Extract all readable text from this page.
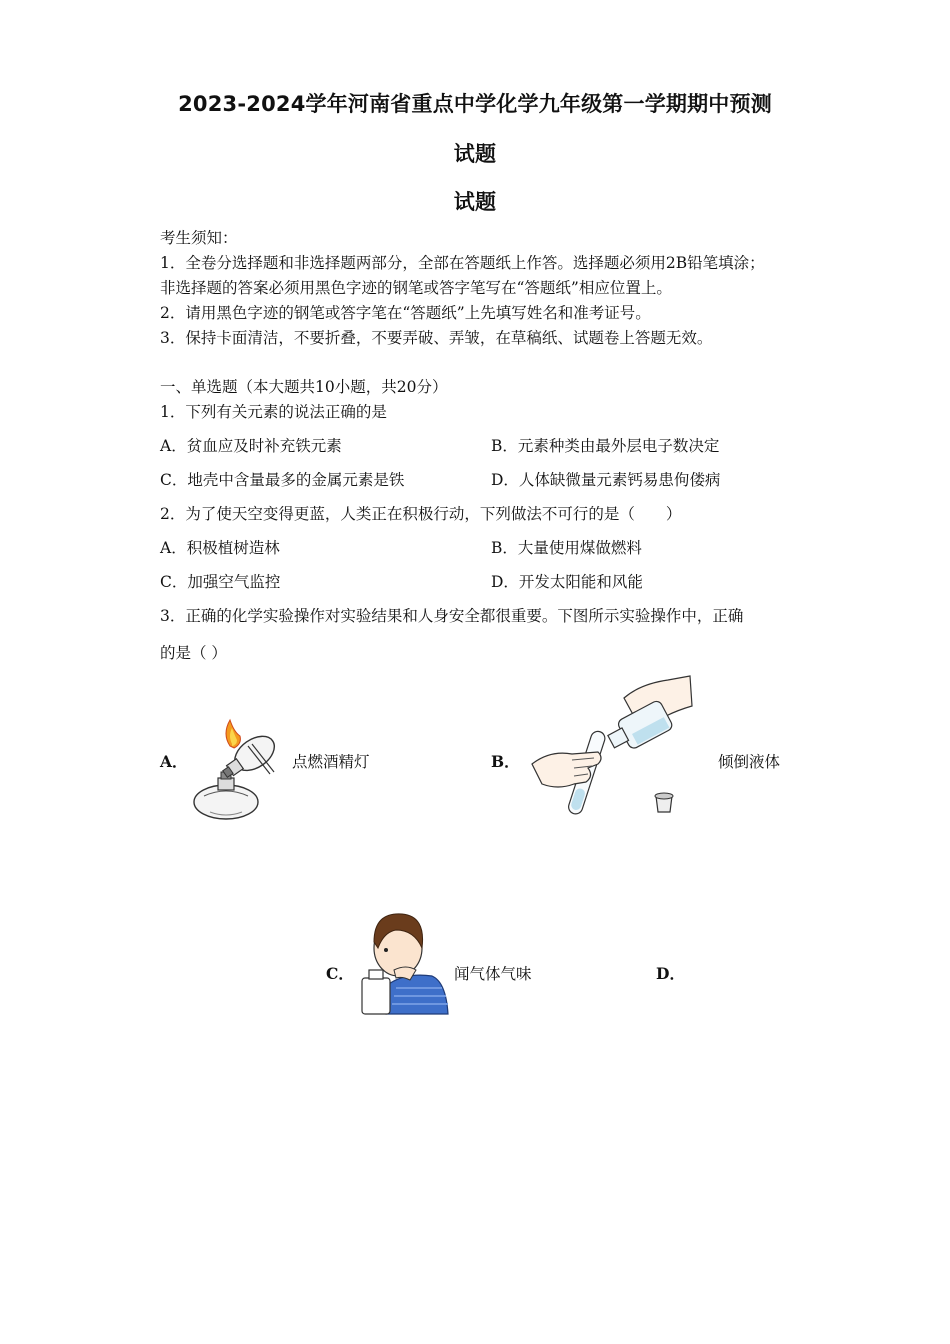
2023-2024学年河南省重点中学化学九年级第一学期期中预测
试题
试题
考生须知：
1．全卷分选择题和非选择题两部分，全部在答题纸上作答。选择题必须用2B铅笔填涂；
非选择题的答案必须用黑色字迹的钢笔或答字笔写在“答题纸”相应位置上。
2．请用黑色字迹的钢笔或答字笔在“答题纸”上先填写姓名和准考证号。
3．保持卡面清洁，不要折叠，不要弄破、弄皱，在草稿纸、试题卷上答题无效。
一、单选题（本大题共10小题，共20分）
1．下列有关元素的说法正确的是
A．贫血应及时补充铁元素	B．元素种类由最外层电子数决定
C．地壳中含量最多的金属元素是铁	D．人体缺微量元素钙易患佝偻病
2．为了使天空变得更蓝，人类正在积极行动，下列做法不可行的是（　　）
A．积极植树造林	B．大量使用煤做燃料
C．加强空气监控	D．开发太阳能和风能
3．正确的化学实验操作对实验结果和人身安全都很重要。下图所示实验操作中，正确
的是（ ）
A．	点燃酒精灯	B．	倾倒液体
C．	闻气体气味	D．
